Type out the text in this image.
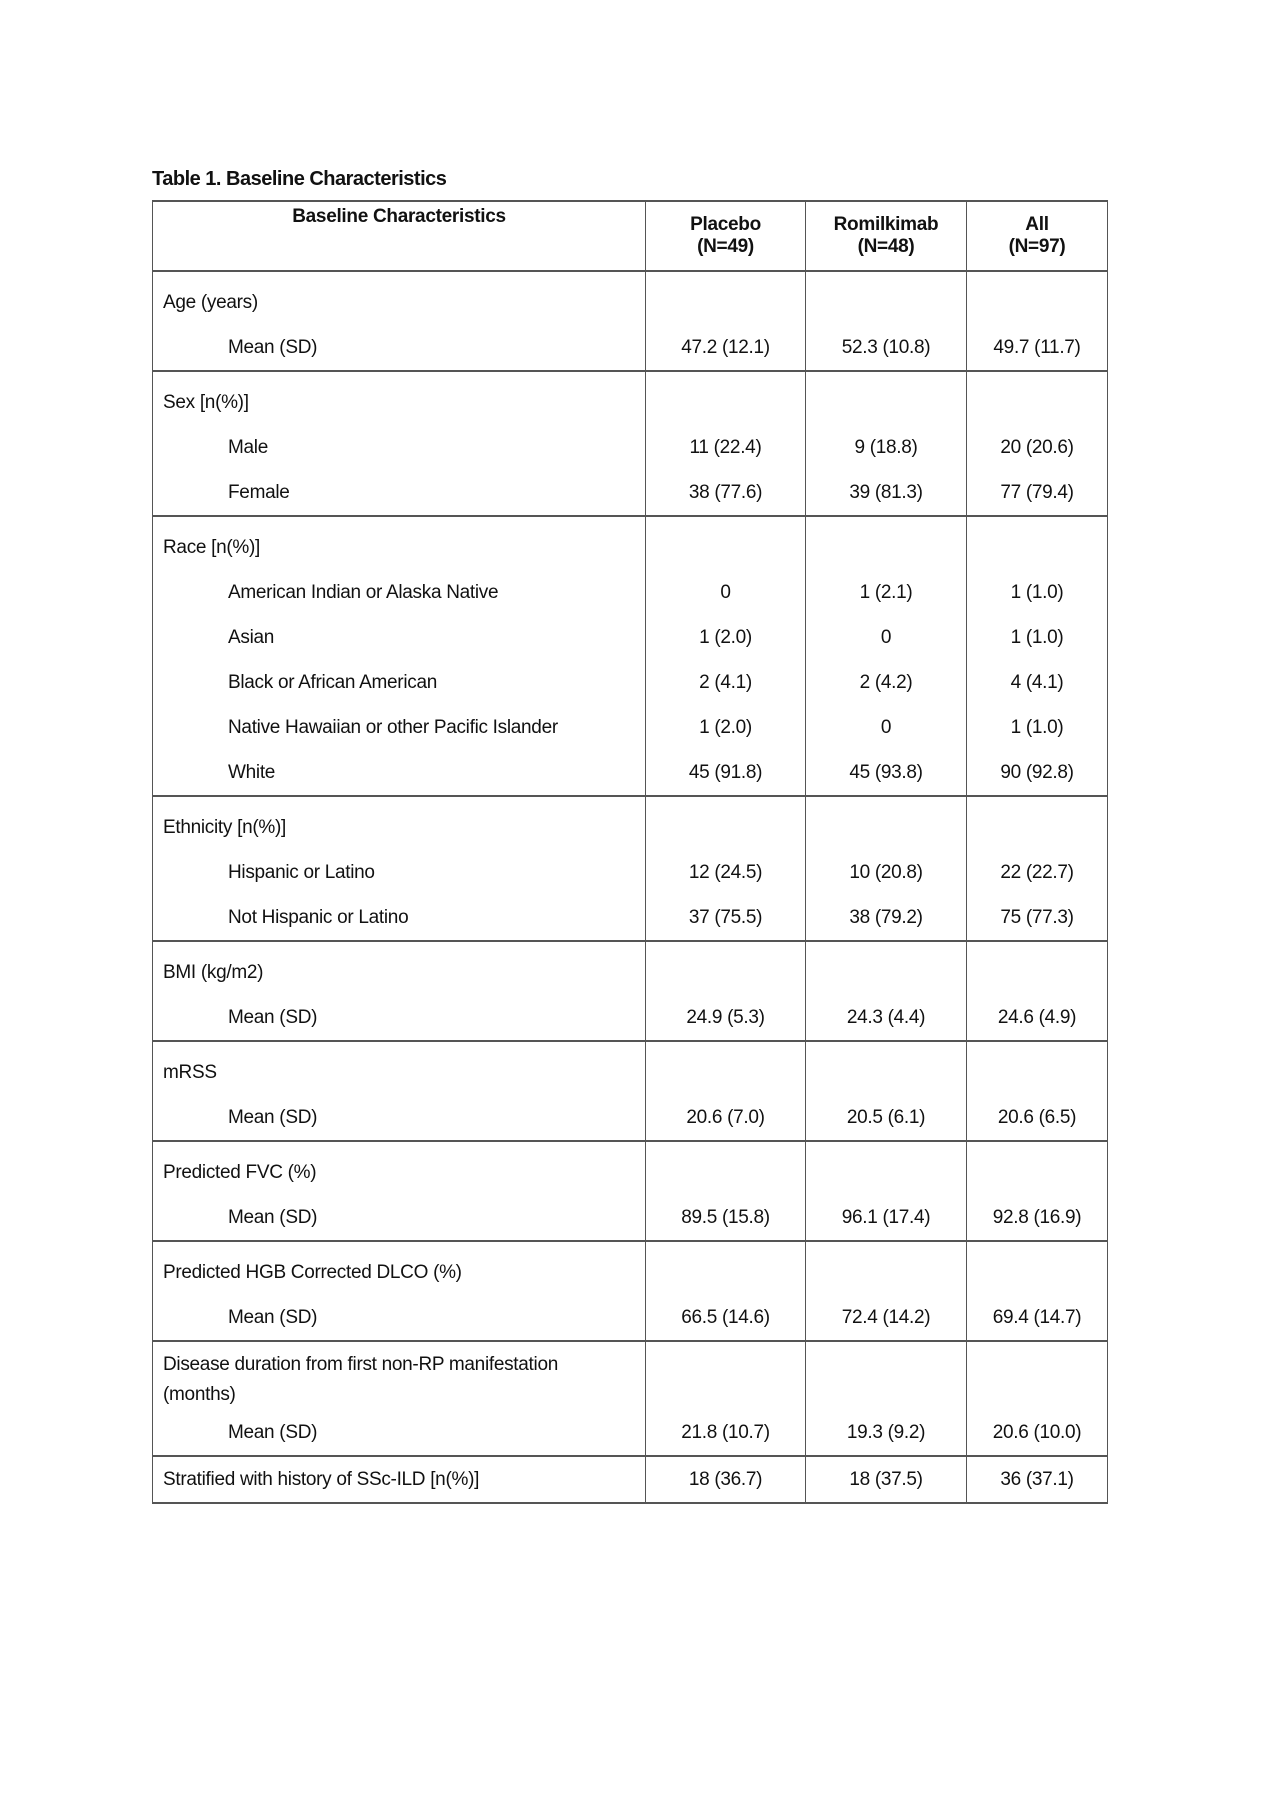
Table 1. Baseline Characteristics
Baseline Characteristics	Placebo	Romilkimab	All
	(N=49)	(N=48)	(N=97)
Age (years)			
Mean (SD)	47.2 (12.1)	52.3 (10.8)	49.7 (11.7)
Sex [n(%)]			
Male	11 (22.4)	9 (18.8)	20 (20.6)
Female	38 (77.6)	39 (81.3)	77 (79.4)
Race [n(%)]			
American Indian or Alaska Native	0	1 (2.1)	1 (1.0)
Asian	1 (2.0)	0	1 (1.0)
Black or African American	2 (4.1)	2 (4.2)	4 (4.1)
Native Hawaiian or other Pacific Islander	1 (2.0)	0	1 (1.0)
White	45 (91.8)	45 (93.8)	90 (92.8)
Ethnicity [n(%)]			
Hispanic or Latino	12 (24.5)	10 (20.8)	22 (22.7)
Not Hispanic or Latino	37 (75.5)	38 (79.2)	75 (77.3)
BMI (kg/m2)			
Mean (SD)	24.9 (5.3)	24.3 (4.4)	24.6 (4.9)
mRSS			
Mean (SD)	20.6 (7.0)	20.5 (6.1)	20.6 (6.5)
Predicted FVC (%)			
Mean (SD)	89.5 (15.8)	96.1 (17.4)	92.8 (16.9)
Predicted HGB Corrected DLCO (%)			
Mean (SD)	66.5 (14.6)	72.4 (14.2)	69.4 (14.7)
Disease duration from first non-RP manifestation (months)			
Mean (SD)	21.8 (10.7)	19.3 (9.2)	20.6 (10.0)
Stratified with history of SSc-ILD [n(%)]	18 (36.7)	18 (37.5)	36 (37.1)
